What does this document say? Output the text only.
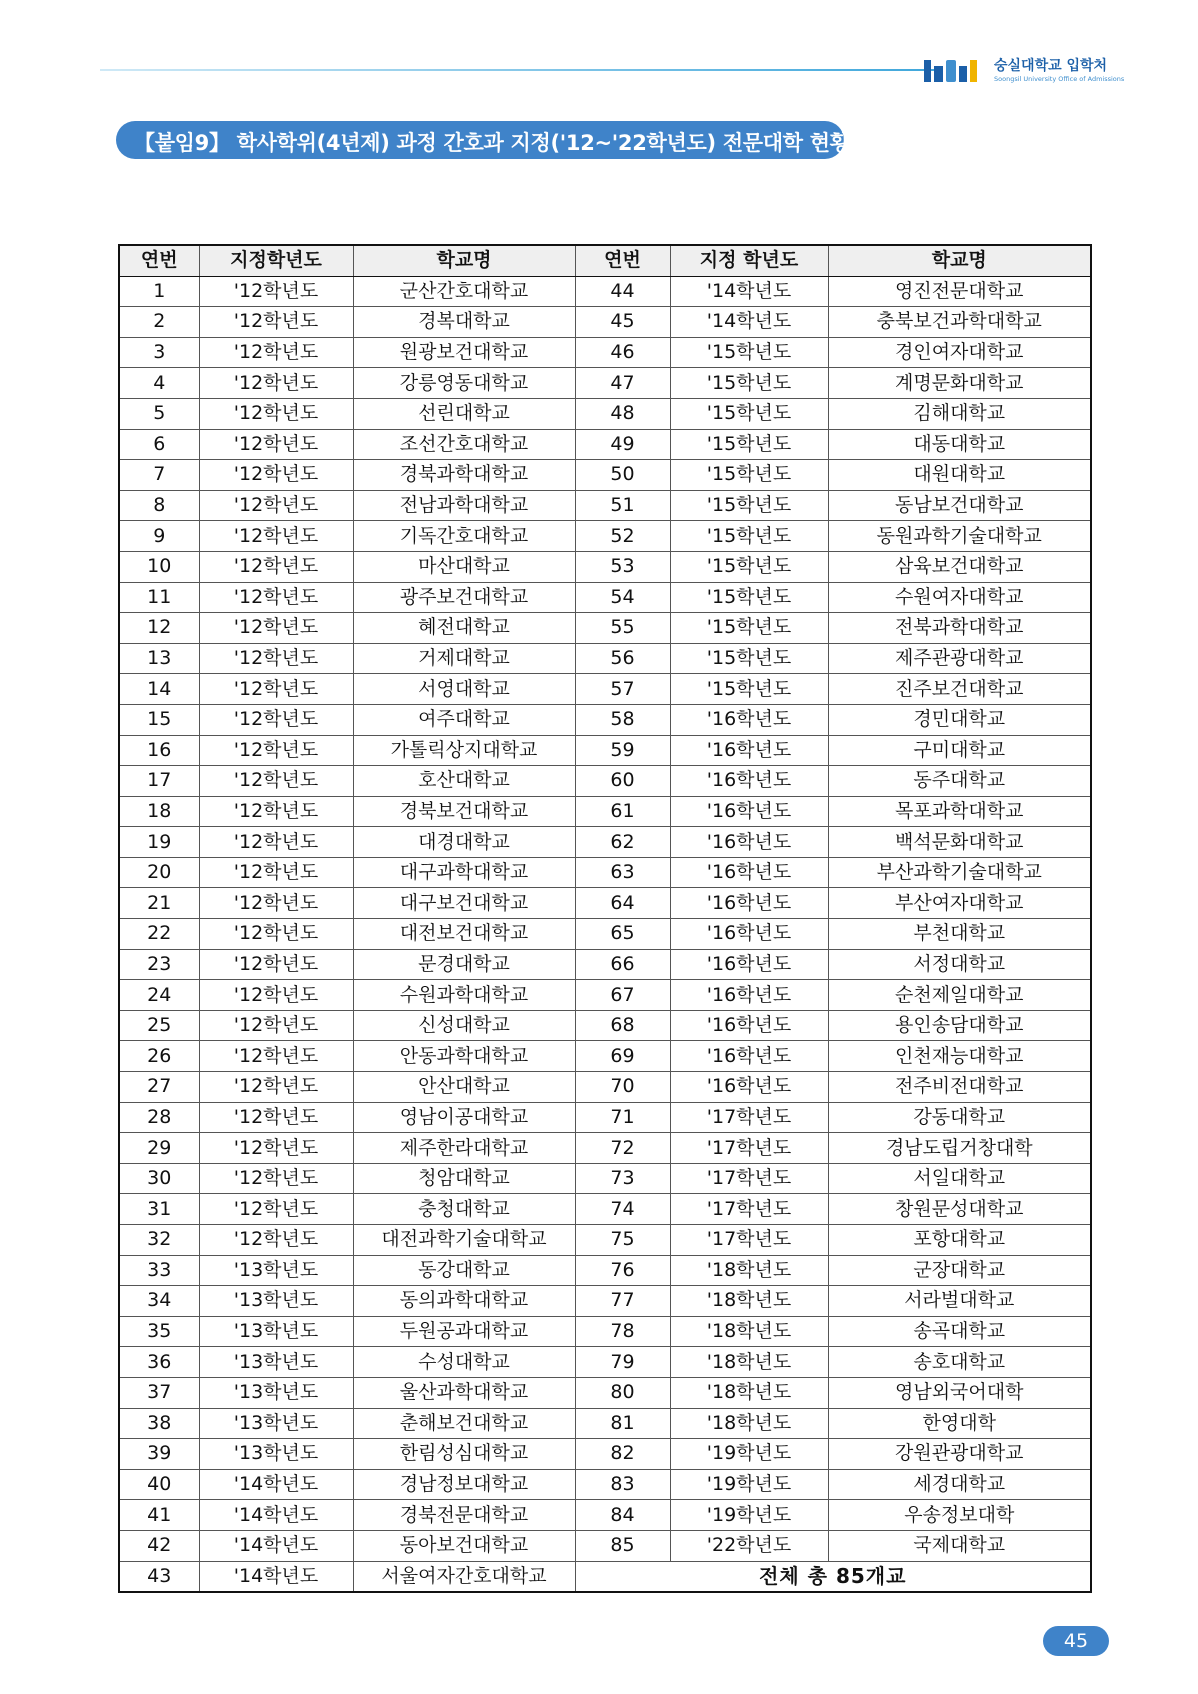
숭실대학교 입학처
Soongsil University Office of Admissions
【붙임9】 학사학위(4년제) 과정 간호과 지정('12~'22학년도) 전문대학 현황
연번	지정학년도	학교명	연번	지정 학년도	학교명
1	'12학년도	군산간호대학교	44	'14학년도	영진전문대학교
2	'12학년도	경복대학교	45	'14학년도	충북보건과학대학교
3	'12학년도	원광보건대학교	46	'15학년도	경인여자대학교
4	'12학년도	강릉영동대학교	47	'15학년도	계명문화대학교
5	'12학년도	선린대학교	48	'15학년도	김해대학교
6	'12학년도	조선간호대학교	49	'15학년도	대동대학교
7	'12학년도	경북과학대학교	50	'15학년도	대원대학교
8	'12학년도	전남과학대학교	51	'15학년도	동남보건대학교
9	'12학년도	기독간호대학교	52	'15학년도	동원과학기술대학교
10	'12학년도	마산대학교	53	'15학년도	삼육보건대학교
11	'12학년도	광주보건대학교	54	'15학년도	수원여자대학교
12	'12학년도	혜전대학교	55	'15학년도	전북과학대학교
13	'12학년도	거제대학교	56	'15학년도	제주관광대학교
14	'12학년도	서영대학교	57	'15학년도	진주보건대학교
15	'12학년도	여주대학교	58	'16학년도	경민대학교
16	'12학년도	가톨릭상지대학교	59	'16학년도	구미대학교
17	'12학년도	호산대학교	60	'16학년도	동주대학교
18	'12학년도	경북보건대학교	61	'16학년도	목포과학대학교
19	'12학년도	대경대학교	62	'16학년도	백석문화대학교
20	'12학년도	대구과학대학교	63	'16학년도	부산과학기술대학교
21	'12학년도	대구보건대학교	64	'16학년도	부산여자대학교
22	'12학년도	대전보건대학교	65	'16학년도	부천대학교
23	'12학년도	문경대학교	66	'16학년도	서정대학교
24	'12학년도	수원과학대학교	67	'16학년도	순천제일대학교
25	'12학년도	신성대학교	68	'16학년도	용인송담대학교
26	'12학년도	안동과학대학교	69	'16학년도	인천재능대학교
27	'12학년도	안산대학교	70	'16학년도	전주비전대학교
28	'12학년도	영남이공대학교	71	'17학년도	강동대학교
29	'12학년도	제주한라대학교	72	'17학년도	경남도립거창대학
30	'12학년도	청암대학교	73	'17학년도	서일대학교
31	'12학년도	충청대학교	74	'17학년도	창원문성대학교
32	'12학년도	대전과학기술대학교	75	'17학년도	포항대학교
33	'13학년도	동강대학교	76	'18학년도	군장대학교
34	'13학년도	동의과학대학교	77	'18학년도	서라벌대학교
35	'13학년도	두원공과대학교	78	'18학년도	송곡대학교
36	'13학년도	수성대학교	79	'18학년도	송호대학교
37	'13학년도	울산과학대학교	80	'18학년도	영남외국어대학
38	'13학년도	춘해보건대학교	81	'18학년도	한영대학
39	'13학년도	한림성심대학교	82	'19학년도	강원관광대학교
40	'14학년도	경남정보대학교	83	'19학년도	세경대학교
41	'14학년도	경북전문대학교	84	'19학년도	우송정보대학
42	'14학년도	동아보건대학교	85	'22학년도	국제대학교
43	'14학년도	서울여자간호대학교	전체 총 85개교		
45
